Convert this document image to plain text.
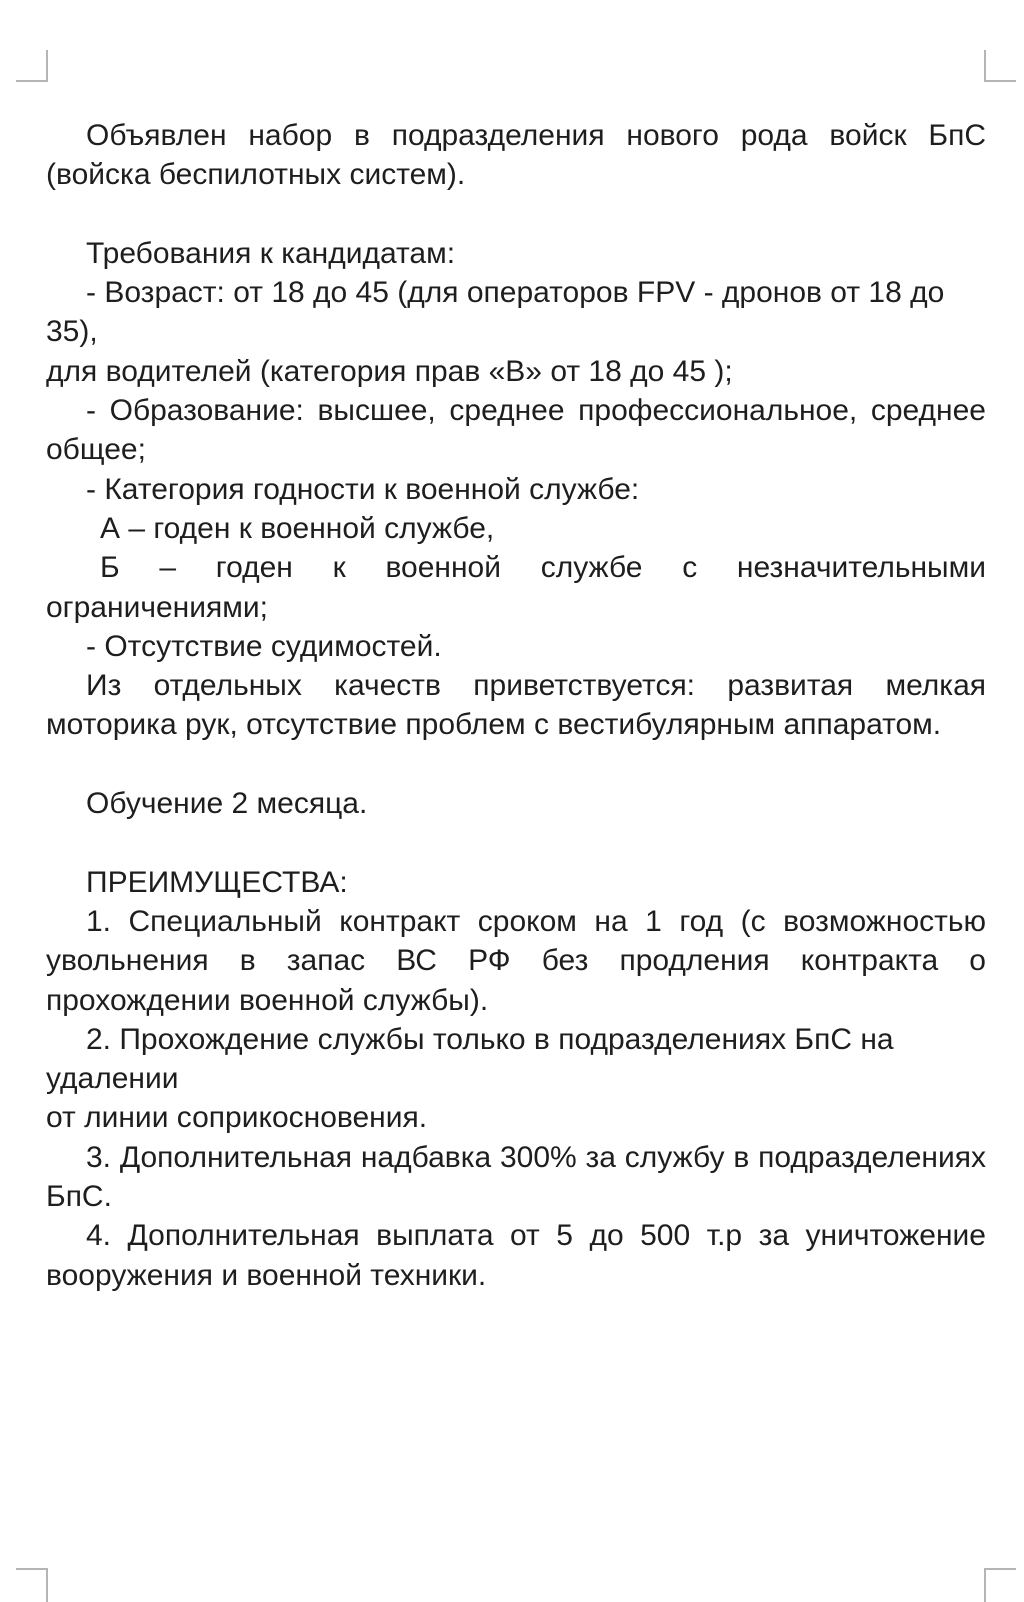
Объявлен набор в подразделения нового рода войск БпС (войска беспилотных систем).

Требования к кандидатам:

- Возраст: от 18 до 45 (для операторов FPV - дронов от 18 до 35),

для водителей (категория прав «В» от 18 до 45 );

- Образование: высшее, среднее профессиональное, среднее общее;

- Категория годности к военной службе:

А – годен к военной службе,

Б – годен к военной службе с незначительными ограничениями;

- Отсутствие судимостей.

Из отдельных качеств приветствуется: развитая мелкая моторика рук, отсутствие проблем с вестибулярным аппаратом.

Обучение 2 месяца.

ПРЕИМУЩЕСТВА:

1. Специальный контракт сроком на 1 год (с возможностью увольнения в запас ВС РФ без продления контракта о прохождении военной службы).

2. Прохождение службы только в подразделениях БпС на удалении

от линии соприкосновения.

3. Дополнительная надбавка 300% за службу в подразделениях БпС.

4. Дополнительная выплата от 5 до 500 т.р за уничтожение вооружения и военной техники.
